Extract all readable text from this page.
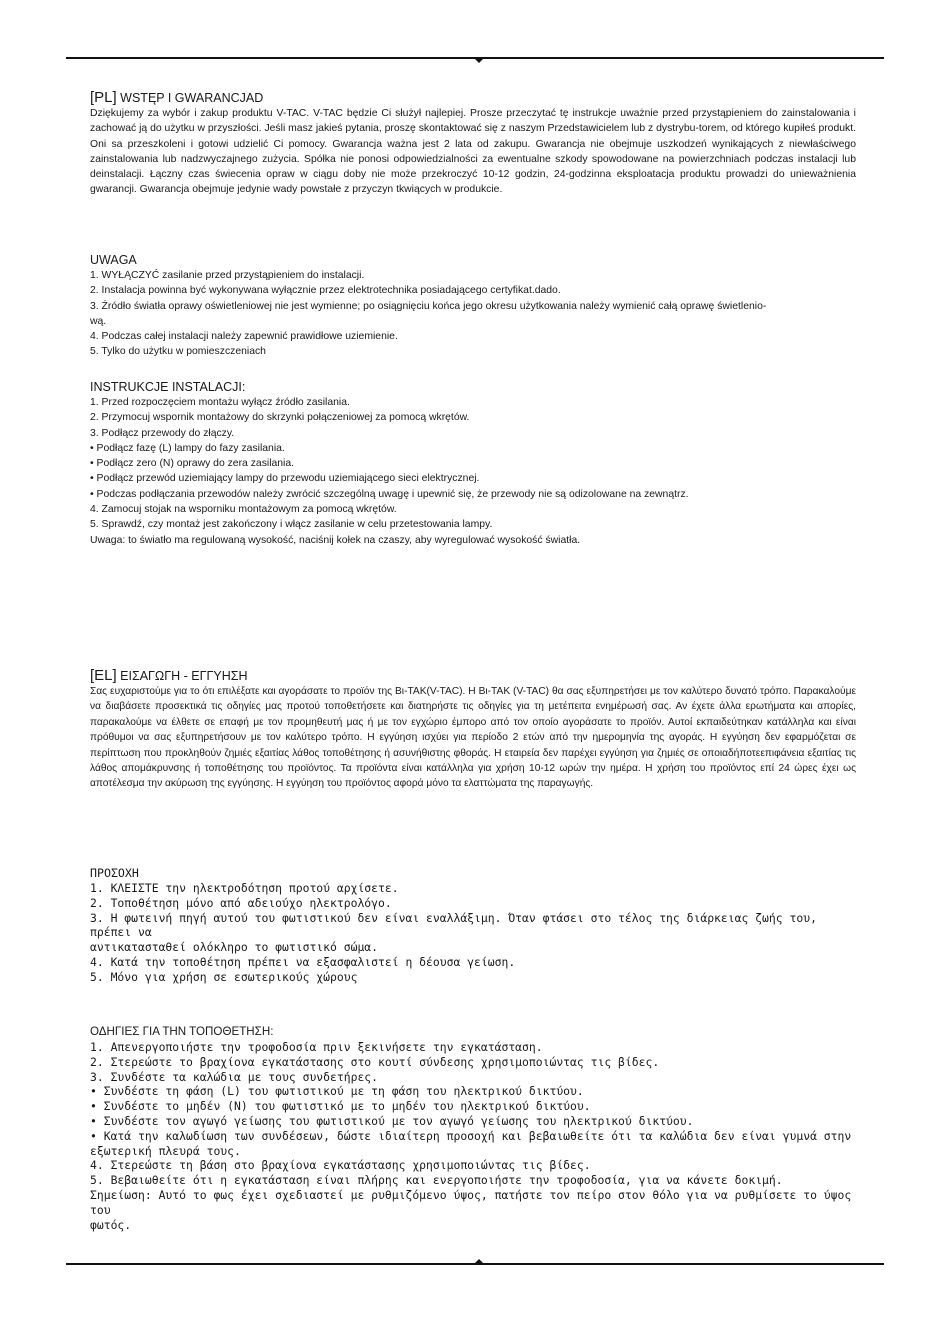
[PL] WSTĘP I GWARANCJAD

Dziękujemy za wybór i zakup produktu V-TAC. V-TAC będzie Ci służył najlepiej. Prosze przeczytać tę instrukcje uważnie przed przystąpieniem do zainstalowania i zachować ją do użytku w przyszłości. Jeśli masz jakieś pytania, proszę skontaktować się z naszym Przedstawicielem lub z dystrybu-torem, od którego kupiłeś produkt. Oni sa przeszkoleni i gotowi udzielić Ci pomocy. Gwarancja ważna jest 2 lata od zakupu. Gwarancja nie obejmuje uszkodzeń wynikających z niewłaściwego zainstalowania lub nadzwyczajnego zużycia. Spółka nie ponosi odpowiedzialności za ewentualne szkody spowodowane na powierzchniach podczas instalacji lub deinstalacji. Łączny czas świecenia opraw w ciągu doby nie może przekroczyć 10-12 godzin, 24-godzinna eksploatacja produktu prowadzi do unieważnienia gwarancji. Gwarancja obejmuje jedynie wady powstałe z przyczyn tkwiących w produkcie.

UWAGA
1. WYŁĄCZYĆ zasilanie przed przystąpieniem do instalacji.
2. Instalacja powinna być wykonywana wyłącznie przez elektrotechnika posiadającego certyfikat.dado.
3. Źródło światła oprawy oświetleniowej nie jest wymienne; po osiągnięciu końca jego okresu użytkowania należy wymienić całą oprawę świetlenio-
wą.
4. Podczas całej instalacji należy zapewnić prawidłowe uziemienie.
5. Tylko do użytku w pomieszczeniach
INSTRUKCJE INSTALACJI:
1. Przed rozpoczęciem montażu wyłącz źródło zasilania.
2. Przymocuj wspornik montażowy do skrzynki połączeniowej za pomocą wkrętów.
3. Podłącz przewody do złączy.
• Podłącz fazę (L) lampy do fazy zasilania.
• Podłącz zero (N) oprawy do zera zasilania.
• Podłącz przewód uziemiający lampy do przewodu uziemiającego sieci elektrycznej.
• Podczas podłączania przewodów należy zwrócić szczególną uwagę i upewnić się, że przewody nie są odizolowane na zewnątrz.
4. Zamocuj stojak na wsporniku montażowym za pomocą wkrętów.
5. Sprawdź, czy montaż jest zakończony i włącz zasilanie w celu przetestowania lampy.
Uwaga: to światło ma regulowaną wysokość, naciśnij kołek na czaszy, aby wyregulować wysokość światła.
[EL] ΕΙΣΑΓΩΓΗ - ΕΓΓΥΗΣΗ

Σας ευχαριστούμε για το ότι επιλέξατε και αγοράσατε το προϊόν της Βι-ΤΑΚ(V-TAC). Η Βι-ΤΑΚ (V-TAC) θα σας εξυπηρετήσει με τον καλύτερο δυνατό τρόπο. Παρακαλούμε να διαβάσετε προσεκτικά τις οδηγίες μας προτού τοποθετήσετε και διατηρήστε τις οδηγίες για τη μετέπειτα ενημέρωσή σας. Αν έχετε άλλα ερωτήματα και απορίες, παρακαλούμε να έλθετε σε επαφή με τον προμηθευτή μας ή με τον εγχώριο έμπορο από τον οποίο αγοράσατε το προϊόν. Αυτοί εκπαιδεύτηκαν κατάλληλα και είναι πρόθυμοι να σας εξυπηρετήσουν με τον καλύτερο τρόπο. Η εγγύηση ισχύει για περίοδο 2 ετών από την ημερομηνία της αγοράς. Η εγγύηση δεν εφαρμόζεται σε περίπτωση που προκληθούν ζημιές εξαιτίας λάθος τοποθέτησης ή ασυνήθιστης φθοράς. Η εταιρεία δεν παρέχει εγγύηση για ζημιές σε οποιαδήποτεεπιφάνεια εξαιτίας τις λάθος απομάκρυνσης ή τοποθέτησης του προϊόντος. Τα προϊόντα είναι κατάλληλα για χρήση 10-12 ωρών την ημέρα. Η χρήση του προϊόντος επί 24 ώρες έχει ως αποτέλεσμα την ακύρωση της εγγύησης. Η εγγύηση του προϊόντος αφορά μόνο τα ελαττώματα της παραγωγής.

ΠΡΟΣΟΧΗ
1. ΚΛΕΙΣΤΕ την ηλεκτροδότηση προτού αρχίσετε.
2. Τοποθέτηση μόνο από αδειούχο ηλεκτρολόγο.
3. Η φωτεινή πηγή αυτού του φωτιστικού δεν είναι εναλλάξιμη. Όταν φτάσει στο τέλος της διάρκειας ζωής του, πρέπει να
αντικατασταθεί ολόκληρο το φωτιστικό σώμα.
4. Κατά την τοποθέτηση πρέπει να εξασφαλιστεί η δέουσα γείωση.
5. Μόνο για χρήση σε εσωτερικούς χώρους
ΟΔΗΓΙΕΣ ΓΙΑ ΤΗΝ ΤΟΠΟΘΕΤΗΣΗ:
1. Απενεργοποιήστε την τροφοδοσία πριν ξεκινήσετε την εγκατάσταση.
2. Στερεώστε το βραχίονα εγκατάστασης στο κουτί σύνδεσης χρησιμοποιώντας τις βίδες.
3. Συνδέστε τα καλώδια με τους συνδετήρες.
• Συνδέστε τη φάση (L) του φωτιστικού με τη φάση του ηλεκτρικού δικτύου.
• Συνδέστε το μηδέν (N) του φωτιστικό με το μηδέν του ηλεκτρικού δικτύου.
• Συνδέστε τον αγωγό γείωσης του φωτιστικού με τον αγωγό γείωσης του ηλεκτρικού δικτύου.
• Κατά την καλωδίωση των συνδέσεων, δώστε ιδιαίτερη προσοχή και βεβαιωθείτε ότι τα καλώδια δεν είναι γυμνά στην
εξωτερική πλευρά τους.
4. Στερεώστε τη βάση στο βραχίονα εγκατάστασης χρησιμοποιώντας τις βίδες.
5. Βεβαιωθείτε ότι η εγκατάσταση είναι πλήρης και ενεργοποιήστε την τροφοδοσία, για να κάνετε δοκιμή.
Σημείωση: Αυτό το φως έχει σχεδιαστεί με ρυθμιζόμενο ύψος, πατήστε τον πείρο στον θόλο για να ρυθμίσετε το ύψος του
φωτός.
